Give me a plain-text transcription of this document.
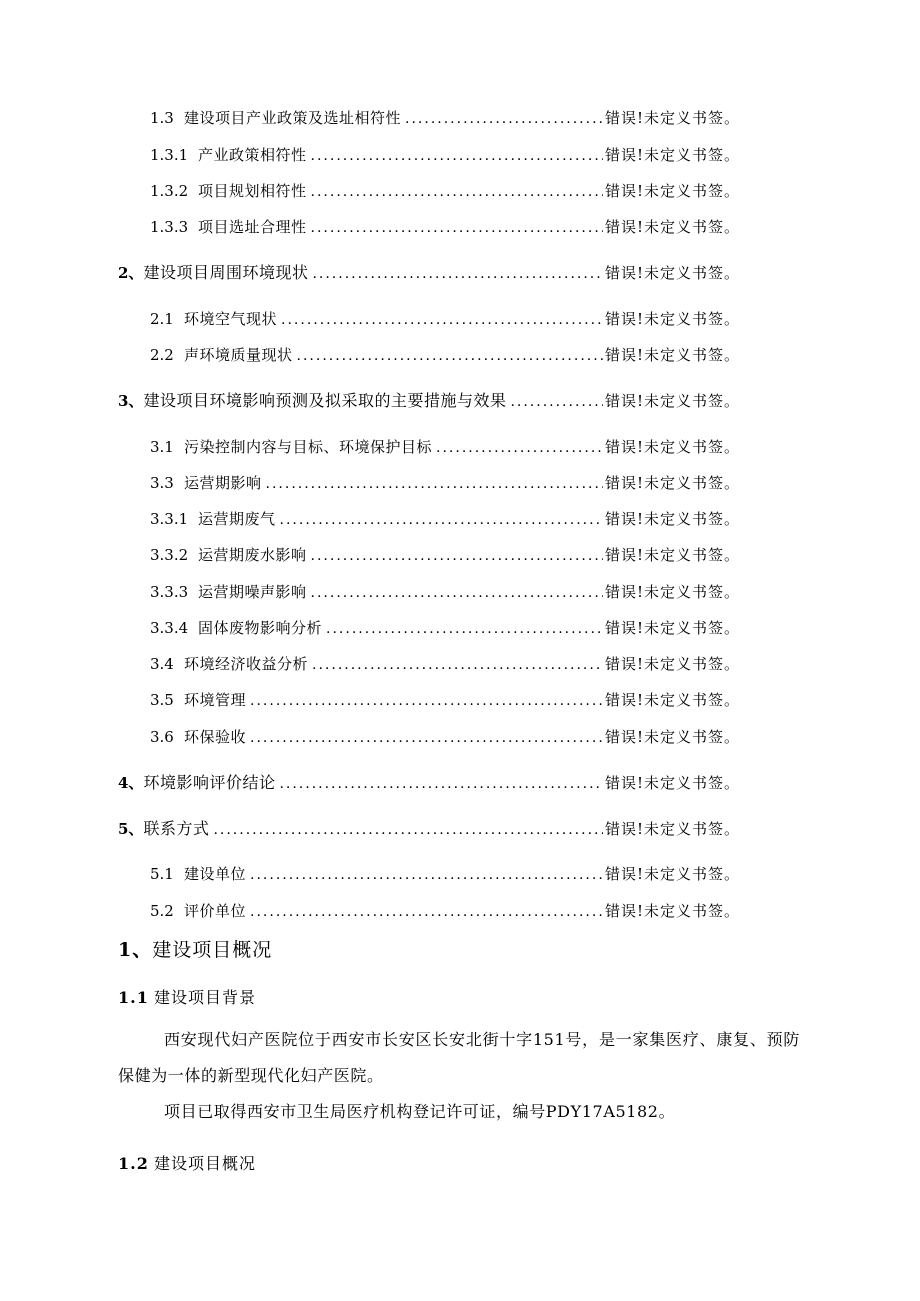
1.3 建设项目产业政策及选址相符性 .....	错误!未定义书签。
1.3.1 产业政策相符性 .....	错误!未定义书签。
1.3.2 项目规划相符性 .....	错误!未定义书签。
1.3.3 项目选址合理性 .....	错误!未定义书签。
2、 建设项目周围环境现状 .....	错误!未定义书签。
2.1 环境空气现状 .....	错误!未定义书签。
2.2 声环境质量现状 .....	错误!未定义书签。
3、 建设项目环境影响预测及拟采取的主要措施与效果 .....	错误!未定义书签。
3.1 污染控制内容与目标、环境保护目标 .....	错误!未定义书签。
3.3 运营期影响 .....	错误!未定义书签。
3.3.1 运营期废气 .....	错误!未定义书签。
3.3.2 运营期废水影响 .....	错误!未定义书签。
3.3.3 运营期噪声影响 .....	错误!未定义书签。
3.3.4 固体废物影响分析 .....	错误!未定义书签。
3.4 环境经济收益分析 .....	错误!未定义书签。
3.5 环境管理 .....	错误!未定义书签。
3.6 环保验收 .....	错误!未定义书签。
4、 环境影响评价结论 .....	错误!未定义书签。
5、 联系方式 .....	错误!未定义书签。
5.1 建设单位 .....	错误!未定义书签。
5.2 评价单位 .....	错误!未定义书签。
1、建设项目概况
1.1 建设项目背景

西安现代妇产医院位于西安市长安区长安北街十字151号，是一家集医疗、康复、预防保健为一体的新型现代化妇产医院。

项目已取得西安市卫生局医疗机构登记许可证，编号PDY17A5182。

1.2 建设项目概况
